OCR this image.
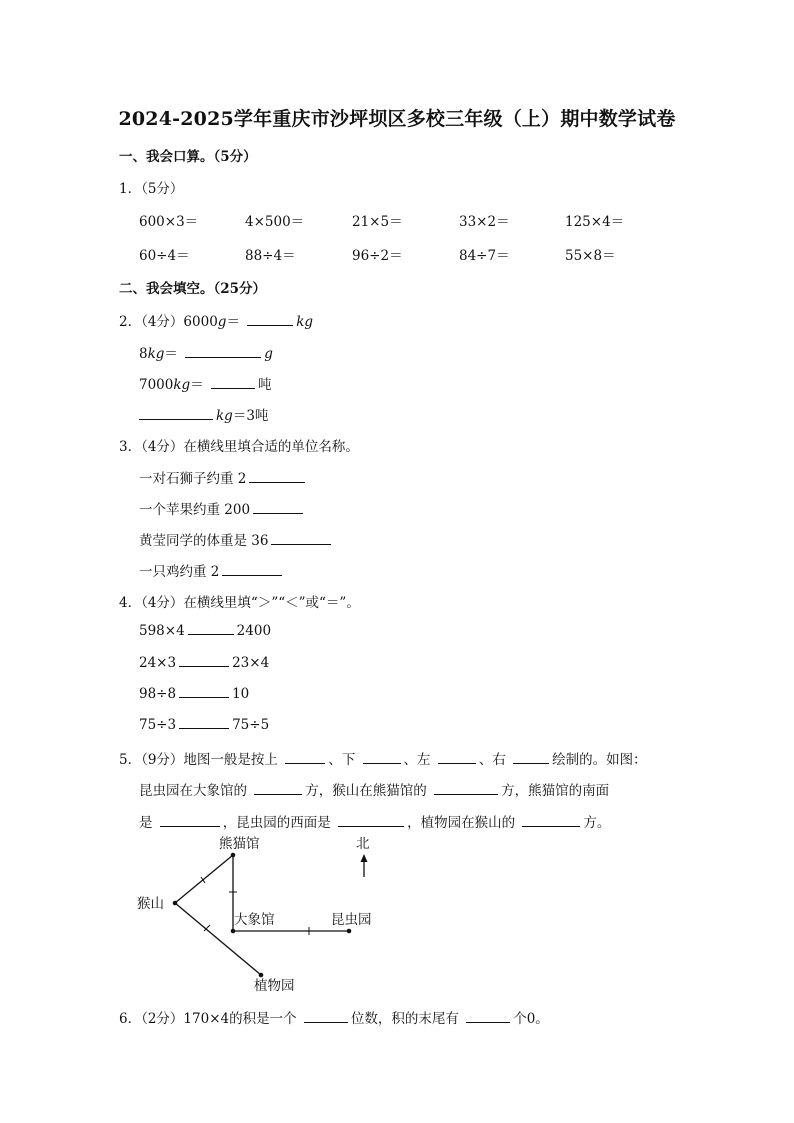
2024-2025学年重庆市沙坪坝区多校三年级（上）期中数学试卷
一、我会口算。（5分）
1．（5分）
600×3＝	4×500＝	21×5＝	33×2＝	125×4＝
60÷4＝	88÷4＝	96÷2＝	84÷7＝	55×8＝
二、我会填空。（25分）
2．（4分）6000g＝	kg
8kg＝	g
7000kg＝	吨
kg＝3吨
3．（4分）在横线里填合适的单位名称。
一对石狮子约重 2
一个苹果约重 200
黄莹同学的体重是 36
一只鸡约重 2
4．（4分）在横线里填“＞”“＜”或“＝”。
598×4	2400
24×3	23×4
98÷8	10
75÷3	75÷5
5．（9分）地图一般是按上	、下	、左	、右	绘制的。如图：
昆虫园在大象馆的	方，猴山在熊猫馆的	方，熊猫馆的南面
是	，昆虫园的西面是	，植物园在猴山的	方。
熊猫馆
猴山
大象馆	昆虫园
植物园
北
6．（2分）170×4的积是一个	位数，积的末尾有	个0。
